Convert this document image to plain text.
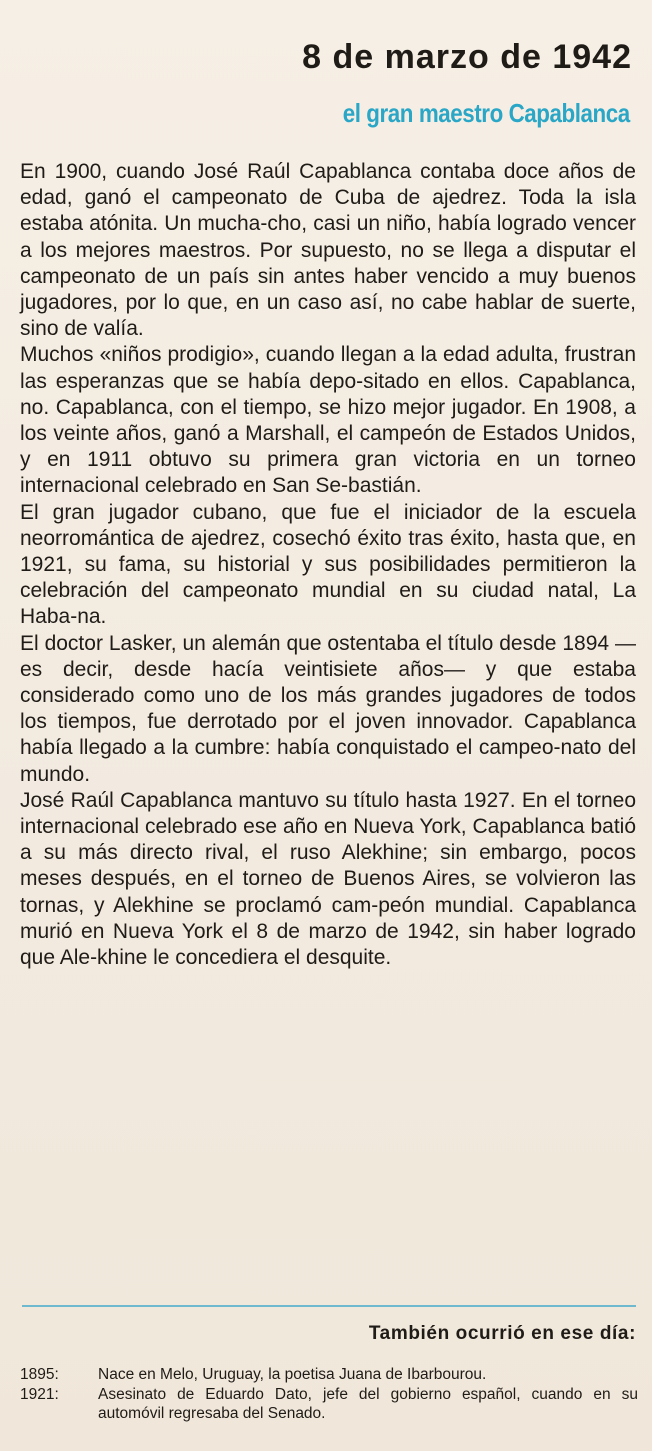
8 de marzo de 1942
el gran maestro Capablanca

En 1900, cuando José Raúl Capablanca contaba doce años de edad, ganó el campeonato de Cuba de ajedrez. Toda la isla estaba atónita. Un mucha-cho, casi un niño, había logrado vencer a los mejores maestros. Por supuesto, no se llega a disputar el campeonato de un país sin antes haber vencido a muy buenos jugadores, por lo que, en un caso así, no cabe hablar de suerte, sino de valía.

Muchos «niños prodigio», cuando llegan a la edad adulta, frustran las esperanzas que se había depo-sitado en ellos. Capablanca, no. Capablanca, con el tiempo, se hizo mejor jugador. En 1908, a los veinte años, ganó a Marshall, el campeón de Estados Unidos, y en 1911 obtuvo su primera gran victoria en un torneo internacional celebrado en San Se-bastián.

El gran jugador cubano, que fue el iniciador de la escuela neorromántica de ajedrez, cosechó éxito tras éxito, hasta que, en 1921, su fama, su historial y sus posibilidades permitieron la celebración del campeonato mundial en su ciudad natal, La Haba-na.

El doctor Lasker, un alemán que ostentaba el título desde 1894 —es decir, desde hacía veintisiete años— y que estaba considerado como uno de los más grandes jugadores de todos los tiempos, fue derrotado por el joven innovador. Capablanca había llegado a la cumbre: había conquistado el campeo-nato del mundo.

José Raúl Capablanca mantuvo su título hasta 1927. En el torneo internacional celebrado ese año en Nueva York, Capablanca batió a su más directo rival, el ruso Alekhine; sin embargo, pocos meses después, en el torneo de Buenos Aires, se volvieron las tornas, y Alekhine se proclamó cam-peón mundial. Capablanca murió en Nueva York el 8 de marzo de 1942, sin haber logrado que Ale-khine le concediera el desquite.

También ocurrió en ese día:
1895:	Nace en Melo, Uruguay, la poetisa Juana de Ibarbourou.
1921:	Asesinato de Eduardo Dato, jefe del gobierno español, cuando en su automóvil regresaba del Senado.
